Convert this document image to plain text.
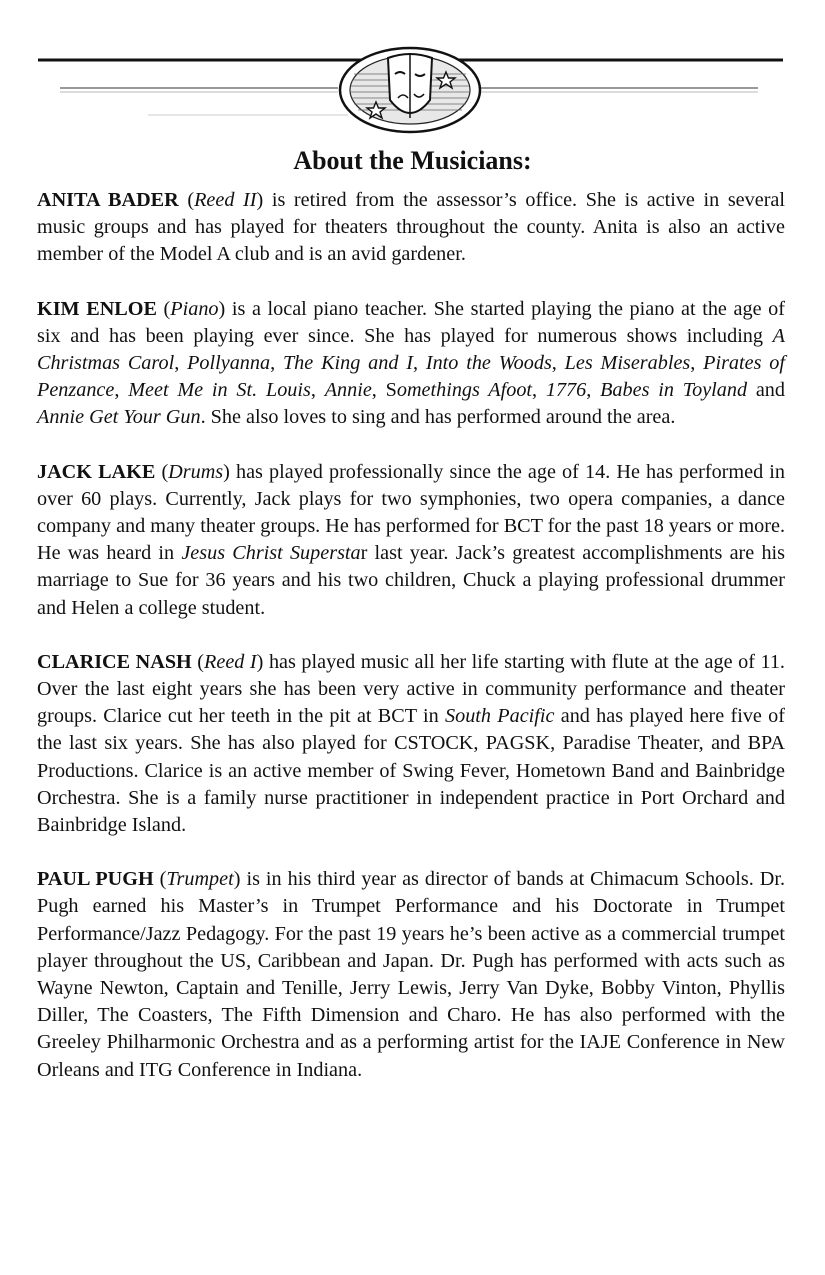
About the Musicians:

ANITA BADER (Reed II) is retired from the assessor’s office. She is active in several music groups and has played for theaters throughout the county. Anita is also an active member of the Model A club and is an avid gardener.

KIM ENLOE (Piano) is a local piano teacher. She started playing the piano at the age of six and has been playing ever since. She has played for numerous shows including A Christmas Carol, Pollyanna, The King and I, Into the Woods, Les Miserables, Pirates of Penzance, Meet Me in St. Louis, Annie, Somethings Afoot, 1776, Babes in Toyland and Annie Get Your Gun. She also loves to sing and has performed around the area.

JACK LAKE (Drums) has played professionally since the age of 14. He has performed in over 60 plays. Currently, Jack plays for two symphonies, two opera companies, a dance company and many theater groups. He has performed for BCT for the past 18 years or more. He was heard in Jesus Christ Superstar last year. Jack’s greatest accomplishments are his marriage to Sue for 36 years and his two children, Chuck a playing professional drummer and Helen a college student.

CLARICE NASH (Reed I) has played music all her life starting with flute at the age of 11. Over the last eight years she has been very active in community performance and theater groups. Clarice cut her teeth in the pit at BCT in South Pacific and has played here five of the last six years. She has also played for CSTOCK, PAGSK, Paradise Theater, and BPA Productions. Clarice is an active member of Swing Fever, Hometown Band and Bainbridge Orchestra. She is a family nurse practitioner in independent practice in Port Orchard and Bainbridge Island.

PAUL PUGH (Trumpet) is in his third year as director of bands at Chimacum Schools. Dr. Pugh earned his Master’s in Trumpet Performance and his Doctorate in Trumpet Performance/Jazz Pedagogy. For the past 19 years he’s been active as a commercial trumpet player throughout the US, Caribbean and Japan. Dr. Pugh has performed with acts such as Wayne Newton, Captain and Tenille, Jerry Lewis, Jerry Van Dyke, Bobby Vinton, Phyllis Diller, The Coasters, The Fifth Dimension and Charo. He has also performed with the Greeley Philharmonic Orchestra and as a performing artist for the IAJE Conference in New Orleans and ITG Conference in Indiana.
